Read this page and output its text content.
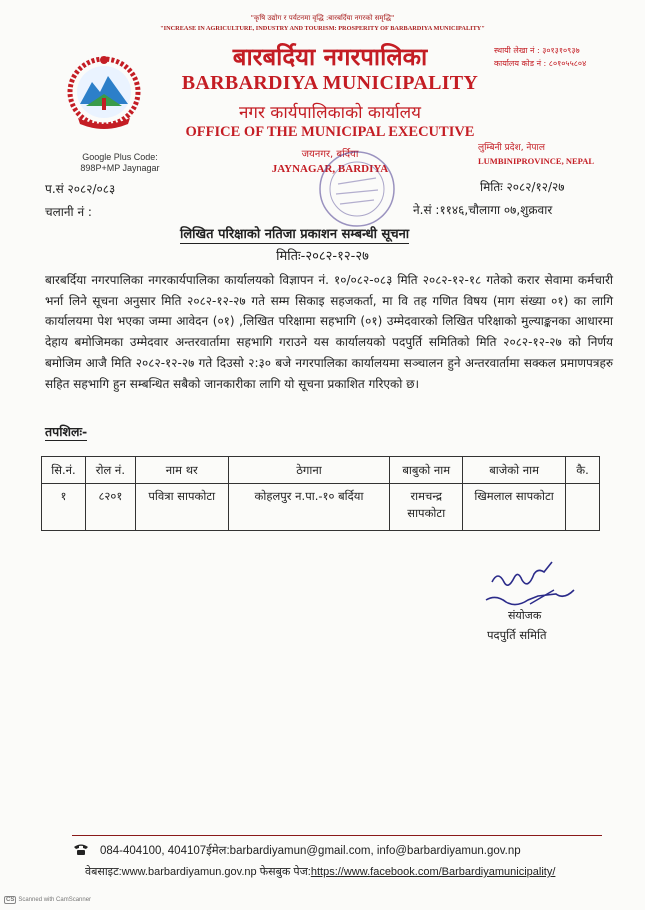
"कृषि उद्योग र पर्यटनमा वृद्धि :बारबर्दिया नगरको समृद्धि"
"INCREASE IN AGRICULTURE, INDUSTRY AND TOURISM: PROSPERITY OF BARBARDIYA MUNICIPALITY"
बारबर्दिया नगरपालिका
BARBARDIYA MUNICIPALITY
नगर कार्यपालिकाको कार्यालय
OFFICE OF THE MUNICIPAL EXECUTIVE
जयनगर, बर्दिया
JAYNAGAR, BARDIYA
Google Plus Code:
898P+MP Jaynagar
स्थायी लेखा नं : ३०१३१०९३७
कार्यालय कोड नं : ८०१०५५८०४
लुम्बिनी प्रदेश, नेपाल
LUMBINIPROVINCE, NEPAL
प.सं २०८२/०८३
चलानी नं :
मितिः २०८२/१२/२७
ने.सं :११४६,चौलागा ०७,शुक्रवार
लिखित परिक्षाको नतिजा प्रकाशन सम्बन्धी सूचना
मितिः-२०८२-१२-२७
बारबर्दिया नगरपालिका नगरकार्यपालिका कार्यालयको विज्ञापन नं. १०/०८२-०८३ मिति २०८२-१२-१८ गतेको करार सेवामा कर्मचारी भर्ना लिने सूचना अनुसार मिति २०८२-१२-२७ गते सम्म सिकाइ सहजकर्ता, मा वि तह गणित विषय (माग संख्या ०१) का लागि कार्यालयमा पेश भएका जम्मा आवेदन (०१) ,लिखित परिक्षामा सहभागि (०१) उम्मेदवारको लिखित परिक्षाको मुल्याङ्कनका आधारमा देहाय बमोजिमका उम्मेदवार अन्तरवार्तामा सहभागि गराउने यस कार्यालयको पदपुर्ति समितिको मिति २०८२-१२-२७ को निर्णय बमोजिम आजै मिति २०८२-१२-२७ गते दिउसो २:३० बजे नगरपालिका कार्यालयमा सञ्चालन हुने अन्तरवार्तामा सक्कल प्रमाणपत्रहरु सहित सहभागि हुन सम्बन्धित सबैको जानकारीका लागि यो सूचना प्रकाशित गरिएको छ।
तपशिलः-
सि.नं.	रोल नं.	नाम थर	ठेगाना	बाबुको नाम	बाजेको नाम	कै.
१	८२०१	पवित्रा सापकोटा	कोहलपुर न.पा.-१० बर्दिया	रामचन्द्र सापकोटा	खिमलाल सापकोटा	
संयोजक
पदपुर्ति समिति
084-404100, 404107ईमेल:barbardiyamun@gmail.com, info@barbardiyamun.gov.np
वेबसाइट:www.barbardiyamun.gov.np फेसबुक पेज:https://www.facebook.com/Barbardiyamunicipality/
CS Scanned with CamScanner
